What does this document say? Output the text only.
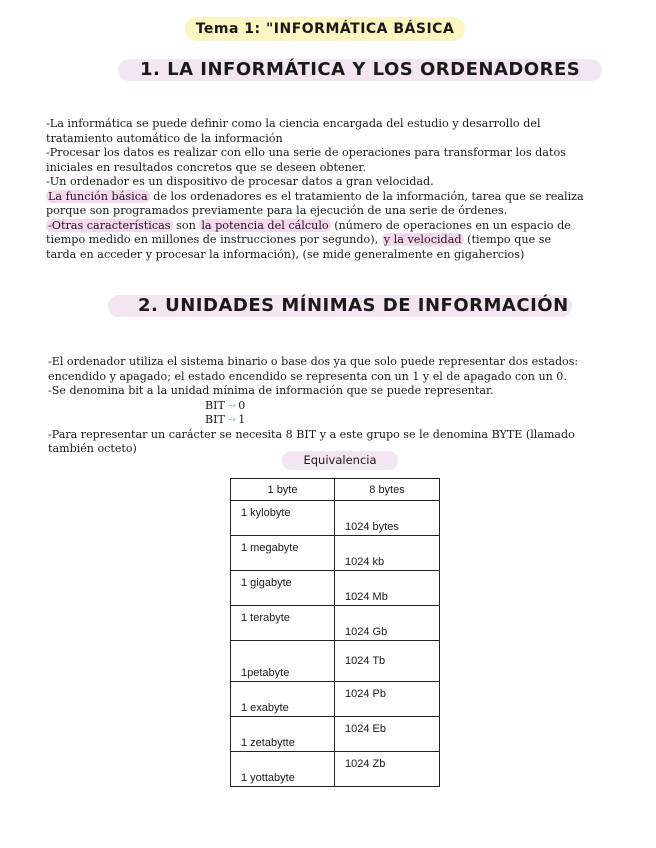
Tema 1: "INFORMÁTICA BÁSICA
1. LA INFORMÁTICA Y LOS ORDENADORES
-La informática se puede definir como la ciencia encargada del estudio y desarrollo del
tratamiento automático de la información
-Procesar los datos es realizar con ello una serie de operaciones para transformar los datos
iniciales en resultados concretos que se deseen obtener.
-Un ordenador es un dispositivo de procesar datos a gran velocidad.
La función básica de los ordenadores es el tratamiento de la información, tarea que se realiza
porque son programados previamente para la ejecución de una serie de órdenes.
-Otras características son la potencia del cálculo (número de operaciones en un espacio de
tiempo medido en millones de instrucciones por segundo), y la velocidad (tiempo que se
tarda en acceder y procesar la información), (se mide generalmente en gigahercios)
2. UNIDADES MÍNIMAS DE INFORMACIÓN
-El ordenador utiliza el sistema binario o base dos ya que solo puede representar dos estados:
encendido y apagado; el estado encendido se representa con un 1 y el de apagado con un 0.
-Se denomina bit a la unidad mínima de información que se puede representar.

BIT → 0
BIT → 1
-Para representar un carácter se necesita 8 BIT y a este grupo se le denomina BYTE (llamado
también octeto)
Equivalencia
1 byte	8 bytes
1 kylobyte	1024 bytes
1 megabyte	1024 kb
1 gigabyte	1024 Mb
1 terabyte	1024 Gb
1petabyte	1024 Tb
1 exabyte	1024 Pb
1 zetabytte	1024 Eb
1 yottabyte	1024 Zb
